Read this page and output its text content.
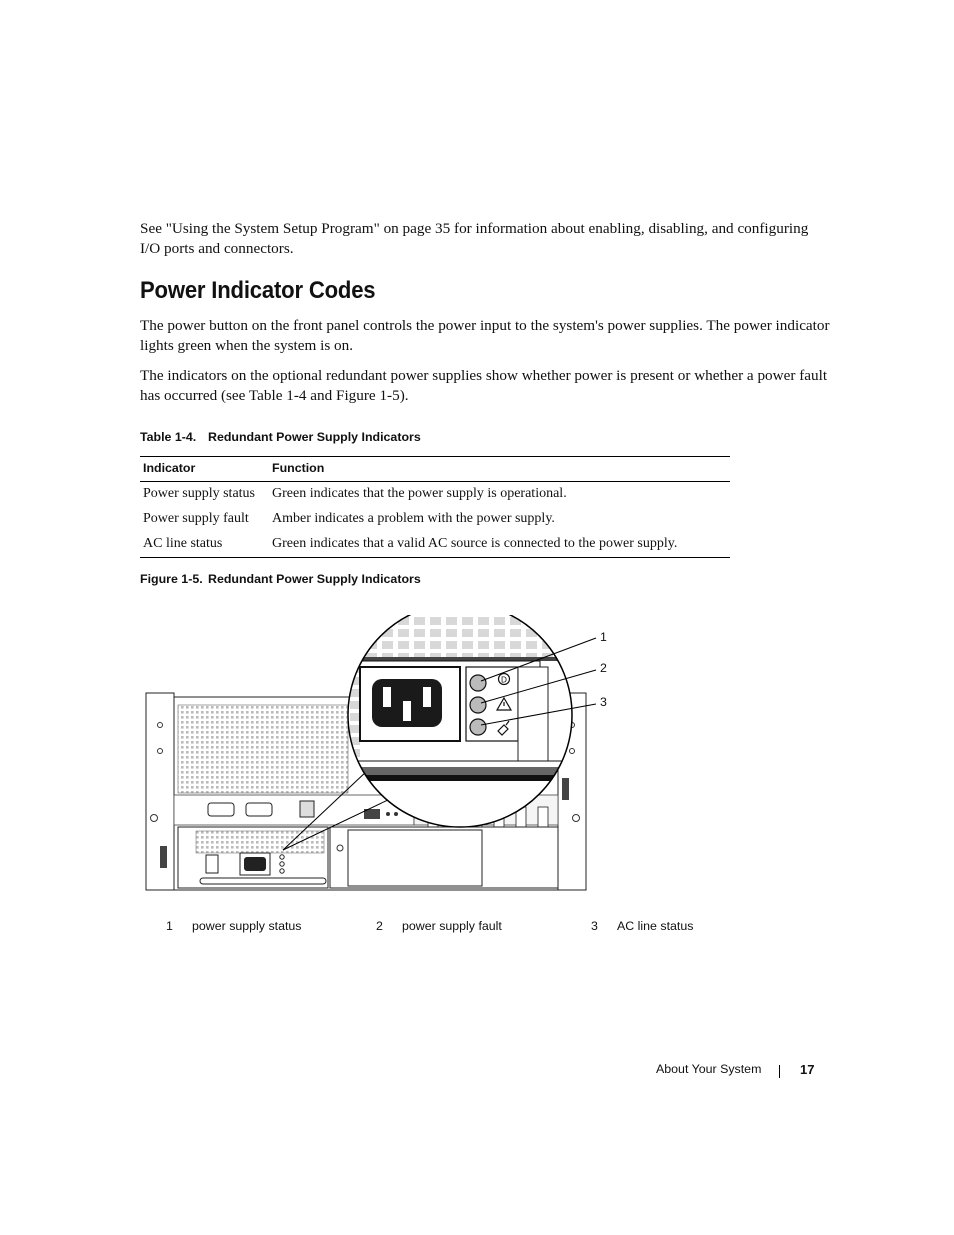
See "Using the System Setup Program" on page 35 for information about enabling, disabling, and configuring I/O ports and connectors.

Power Indicator Codes

The power button on the front panel controls the power input to the system's power supplies. The power indicator lights green when the system is on.

The indicators on the optional redundant power supplies show whether power is present or whether a power fault has occurred (see Table 1-4 and Figure 1-5).

Table 1-4. Redundant Power Supply Indicators
Indicator	Function
Power supply status	Green indicates that the power supply is operational.
Power supply fault	Amber indicates a problem with the power supply.
AC line status	Green indicates that a valid AC source is connected to the power supply.
Figure 1-5. Redundant Power Supply Indicators
D
1
2
3
1 power supply status	2 power supply fault	3 AC line status
About Your System	17
